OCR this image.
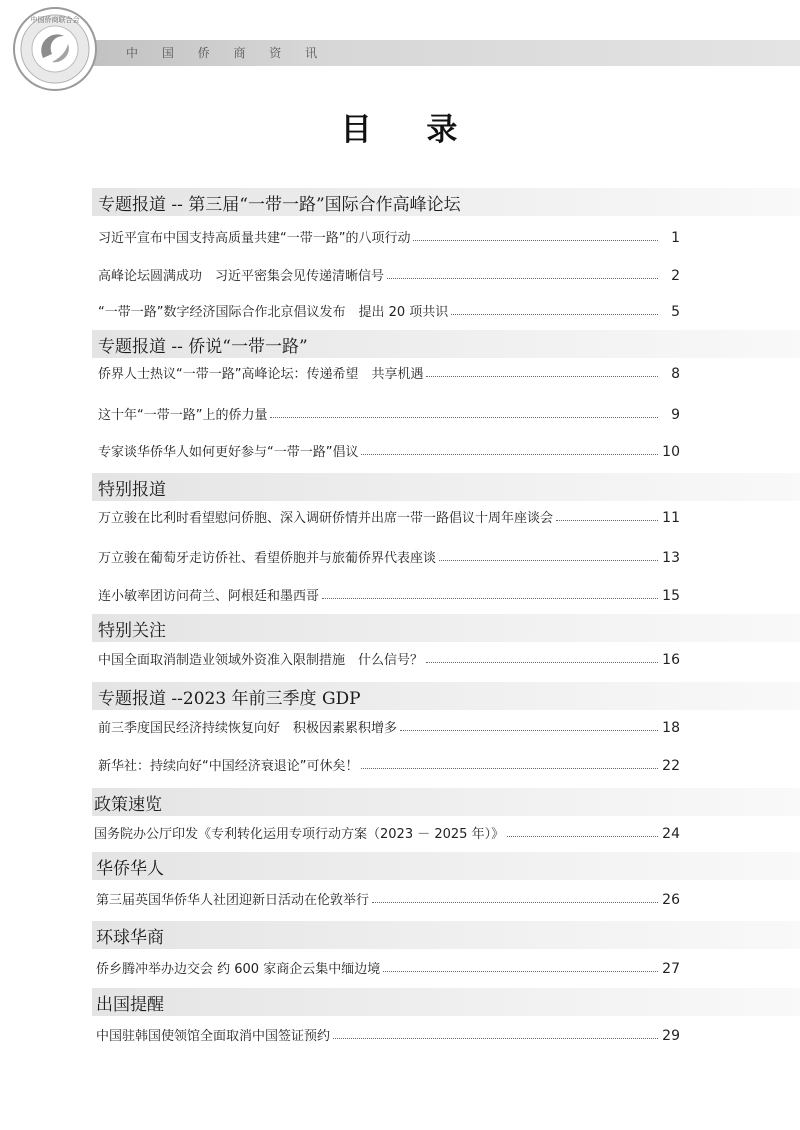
中国侨商联合会
中 国 侨 商 资 讯
目 录
专题报道 -- 第三届“一带一路”国际合作高峰论坛
习近平宣布中国支持高质量共建“一带一路”的八项行动	1
高峰论坛圆满成功　习近平密集会见传递清晰信号	2
“一带一路”数字经济国际合作北京倡议发布　提出 20 项共识	5
专题报道 -- 侨说“一带一路”
侨界人士热议“一带一路”高峰论坛：传递希望　共享机遇	8
这十年“一带一路”上的侨力量	9
专家谈华侨华人如何更好参与“一带一路”倡议	10
特别报道
万立骏在比利时看望慰问侨胞、深入调研侨情并出席一带一路倡议十周年座谈会	11
万立骏在葡萄牙走访侨社、看望侨胞并与旅葡侨界代表座谈	13
连小敏率团访问荷兰、阿根廷和墨西哥	15
特别关注
中国全面取消制造业领域外资准入限制措施　什么信号？	16
专题报道 --2023 年前三季度 GDP
前三季度国民经济持续恢复向好　积极因素累积增多	18
新华社：持续向好“中国经济衰退论”可休矣！	22
政策速览
国务院办公厅印发《专利转化运用专项行动方案（2023 － 2025 年）》	24
华侨华人
第三届英国华侨华人社团迎新日活动在伦敦举行	26
环球华商
侨乡腾冲举办边交会 约 600 家商企云集中缅边境	27
出国提醒
中国驻韩国使领馆全面取消中国签证预约	29
